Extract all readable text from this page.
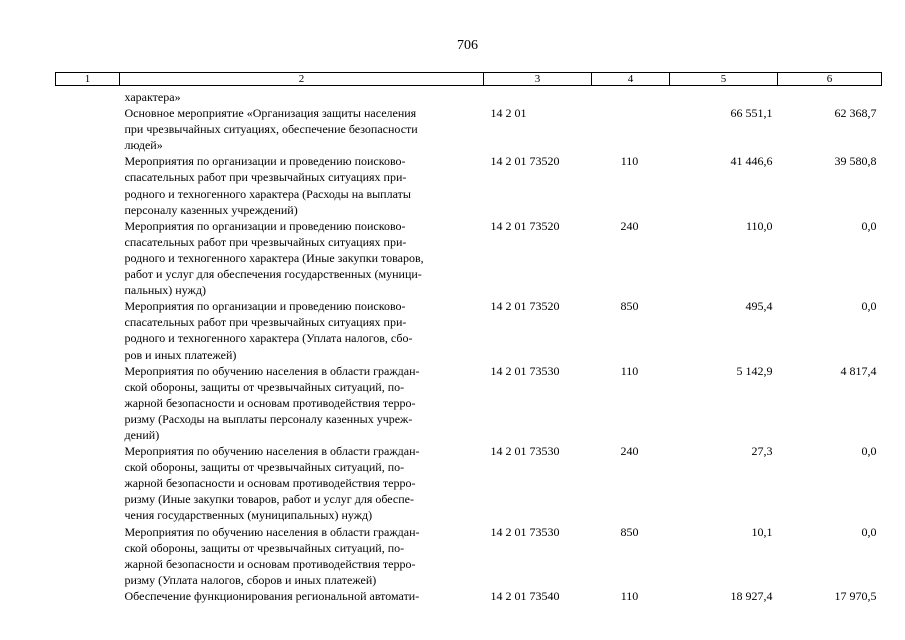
706
1	2	3	4	5	6

	характера»				

	Основное мероприятие «Организация защиты населения
при чрезвычайных ситуациях, обеспечение безопасности
людей»	14 2 01		66 551,1	62 368,7

	Мероприятия по организации и проведению поисково-
спасательных работ при чрезвычайных ситуациях при-
родного и техногенного характера (Расходы на выплаты
персоналу казенных учреждений)	14 2 01 73520	110	41 446,6	39 580,8

	Мероприятия по организации и проведению поисково-
спасательных работ при чрезвычайных ситуациях при-
родного и техногенного характера (Иные закупки товаров,
работ и услуг для обеспечения государственных (муници-
пальных) нужд)	14 2 01 73520	240	110,0	0,0

	Мероприятия по организации и проведению поисково-
спасательных работ при чрезвычайных ситуациях при-
родного и техногенного характера (Уплата налогов, сбо-
ров и иных платежей)	14 2 01 73520	850	495,4	0,0

	Мероприятия по обучению населения в области граждан-
ской обороны, защиты от чрезвычайных ситуаций, по-
жарной безопасности и основам противодействия терро-
ризму (Расходы на выплаты персоналу казенных учреж-
дений)	14 2 01 73530	110	5 142,9	4 817,4

	Мероприятия по обучению населения в области граждан-
ской обороны, защиты от чрезвычайных ситуаций, по-
жарной безопасности и основам противодействия терро-
ризму (Иные закупки товаров, работ и услуг для обеспе-
чения государственных (муниципальных) нужд)	14 2 01 73530	240	27,3	0,0

	Мероприятия по обучению населения в области граждан-
ской обороны, защиты от чрезвычайных ситуаций, по-
жарной безопасности и основам противодействия терро-
ризму (Уплата налогов, сборов и иных платежей)	14 2 01 73530	850	10,1	0,0

	Обеспечение функционирования региональной автомати-	14 2 01 73540	110	18 927,4	17 970,5
